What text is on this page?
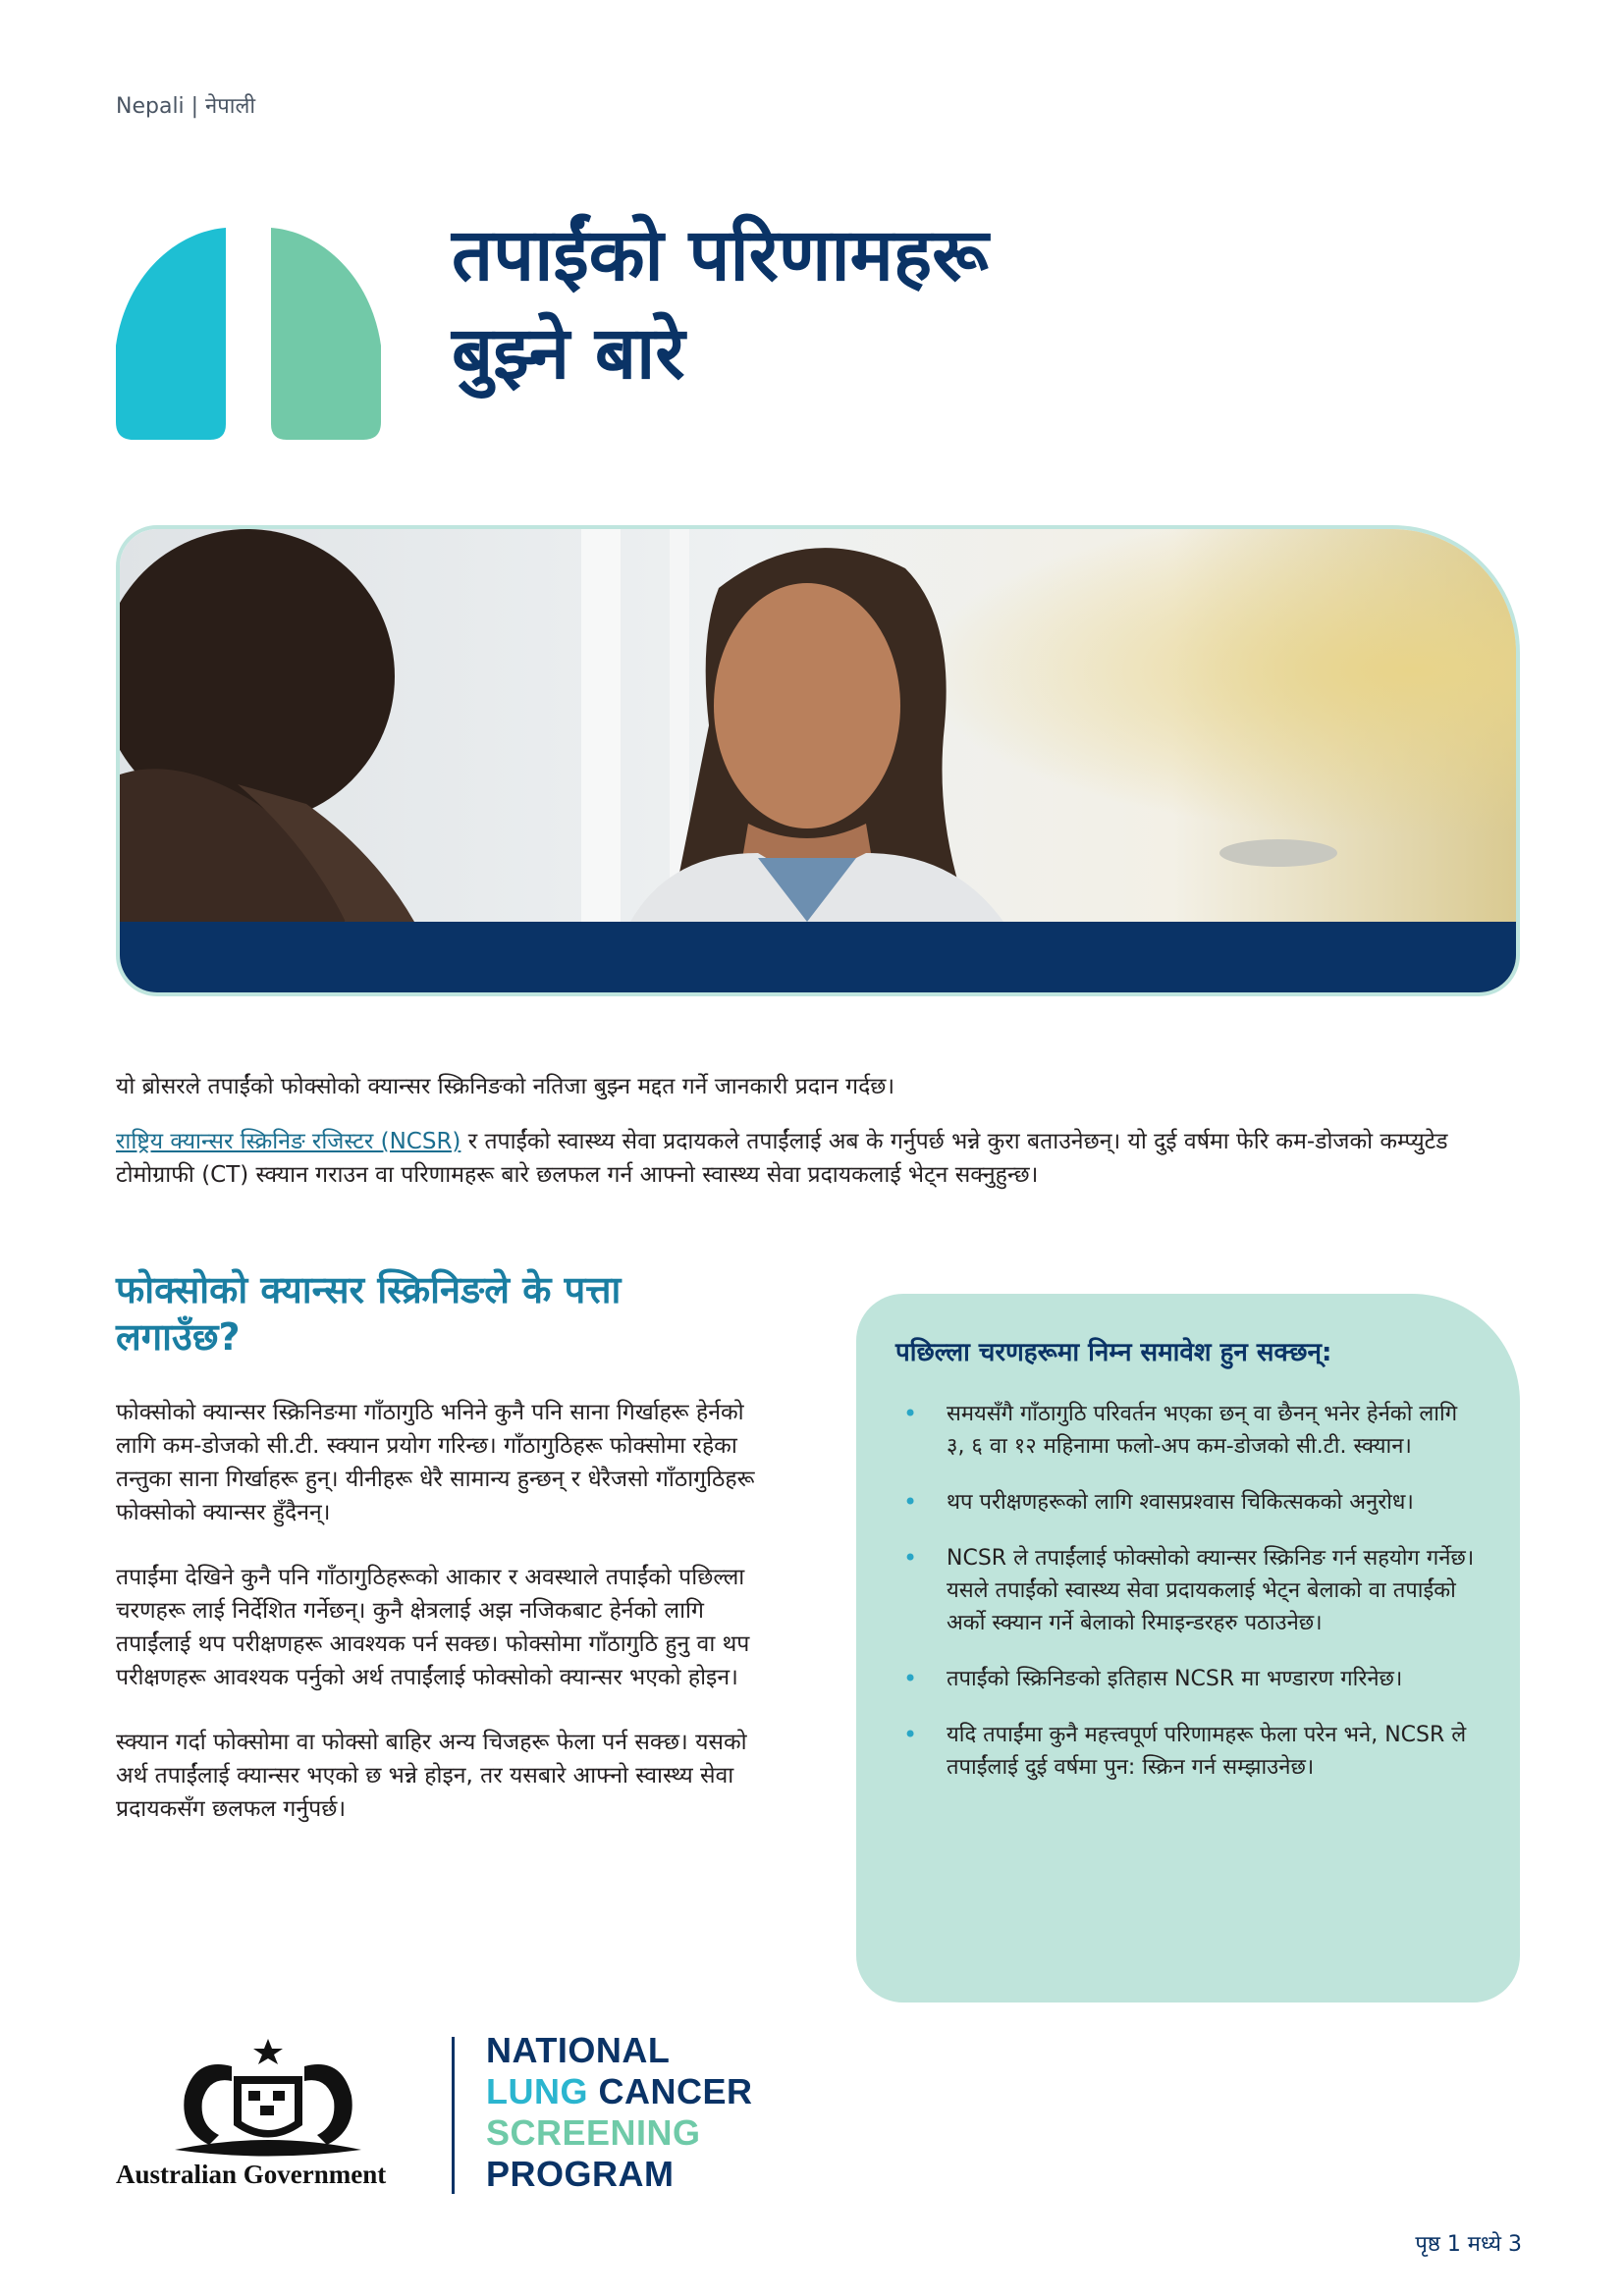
Nepali | नेपाली
तपाईंको परिणामहरू
बुझ्ने बारे

यो ब्रोसरले तपाईंको फोक्सोको क्यान्सर स्क्रिनिङको नतिजा बुझ्न मद्दत गर्ने जानकारी प्रदान गर्दछ।

राष्ट्रिय क्यान्सर स्क्रिनिङ रजिस्टर (NCSR) र तपाईंको स्वास्थ्य सेवा प्रदायकले तपाईंलाई अब के गर्नुपर्छ भन्ने कुरा बताउनेछन्। यो दुई वर्षमा फेरि कम-डोजको कम्प्युटेड टोमोग्राफी (CT) स्क्यान गराउन वा परिणामहरू बारे छलफल गर्न आफ्नो स्वास्थ्य सेवा प्रदायकलाई भेट्न सक्नुहुन्छ।

फोक्सोको क्यान्सर स्क्रिनिङले के पत्ता लगाउँछ?

फोक्सोको क्यान्सर स्क्रिनिङमा गाँठागुठि भनिने कुनै पनि साना गिर्खाहरू हेर्नको लागि कम-डोजको सी.टी. स्क्यान प्रयोग गरिन्छ। गाँठागुठिहरू फोक्सोमा रहेका तन्तुका साना गिर्खाहरू हुन्। यीनीहरू धेरै सामान्य हुन्छन् र धेरैजसो गाँठागुठिहरू फोक्सोको क्यान्सर हुँदैनन्।

तपाईंमा देखिने कुनै पनि गाँठागुठिहरूको आकार र अवस्थाले तपाईंको पछिल्ला चरणहरू लाई निर्देशित गर्नेछन्। कुनै क्षेत्रलाई अझ नजिकबाट हेर्नको लागि तपाईंलाई थप परीक्षणहरू आवश्यक पर्न सक्छ। फोक्सोमा गाँठागुठि हुनु वा थप परीक्षणहरू आवश्यक पर्नुको अर्थ तपाईंलाई फोक्सोको क्यान्सर भएको होइन।

स्क्यान गर्दा फोक्सोमा वा फोक्सो बाहिर अन्य चिजहरू फेला पर्न सक्छ। यसको अर्थ तपाईंलाई क्यान्सर भएको छ भन्ने होइन, तर यसबारे आफ्नो स्वास्थ्य सेवा प्रदायकसँग छलफल गर्नुपर्छ।

पछिल्ला चरणहरूमा निम्न समावेश हुन सक्छन्:
• समयसँगै गाँठागुठि परिवर्तन भएका छन् वा छैनन् भनेर हेर्नको लागि ३, ६ वा १२ महिनामा फलो-अप कम-डोजको सी.टी. स्क्यान।
• थप परीक्षणहरूको लागि श्वासप्रश्वास चिकित्सकको अनुरोध।
• NCSR ले तपाईंलाई फोक्सोको क्यान्सर स्क्रिनिङ गर्न सहयोग गर्नेछ। यसले तपाईंको स्वास्थ्य सेवा प्रदायकलाई भेट्न बेलाको वा तपाईंको अर्को स्क्यान गर्ने बेलाको रिमाइन्डरहरु पठाउनेछ।
• तपाईंको स्क्रिनिङको इतिहास NCSR मा भण्डारण गरिनेछ।
• यदि तपाईंमा कुनै महत्त्वपूर्ण परिणामहरू फेला परेन भने, NCSR ले तपाईंलाई दुई वर्षमा पुन: स्क्रिन गर्न सम्झाउनेछ।
Australian Government
NATIONAL
LUNG CANCER
SCREENING
PROGRAM
पृष्ठ 1 मध्ये 3
